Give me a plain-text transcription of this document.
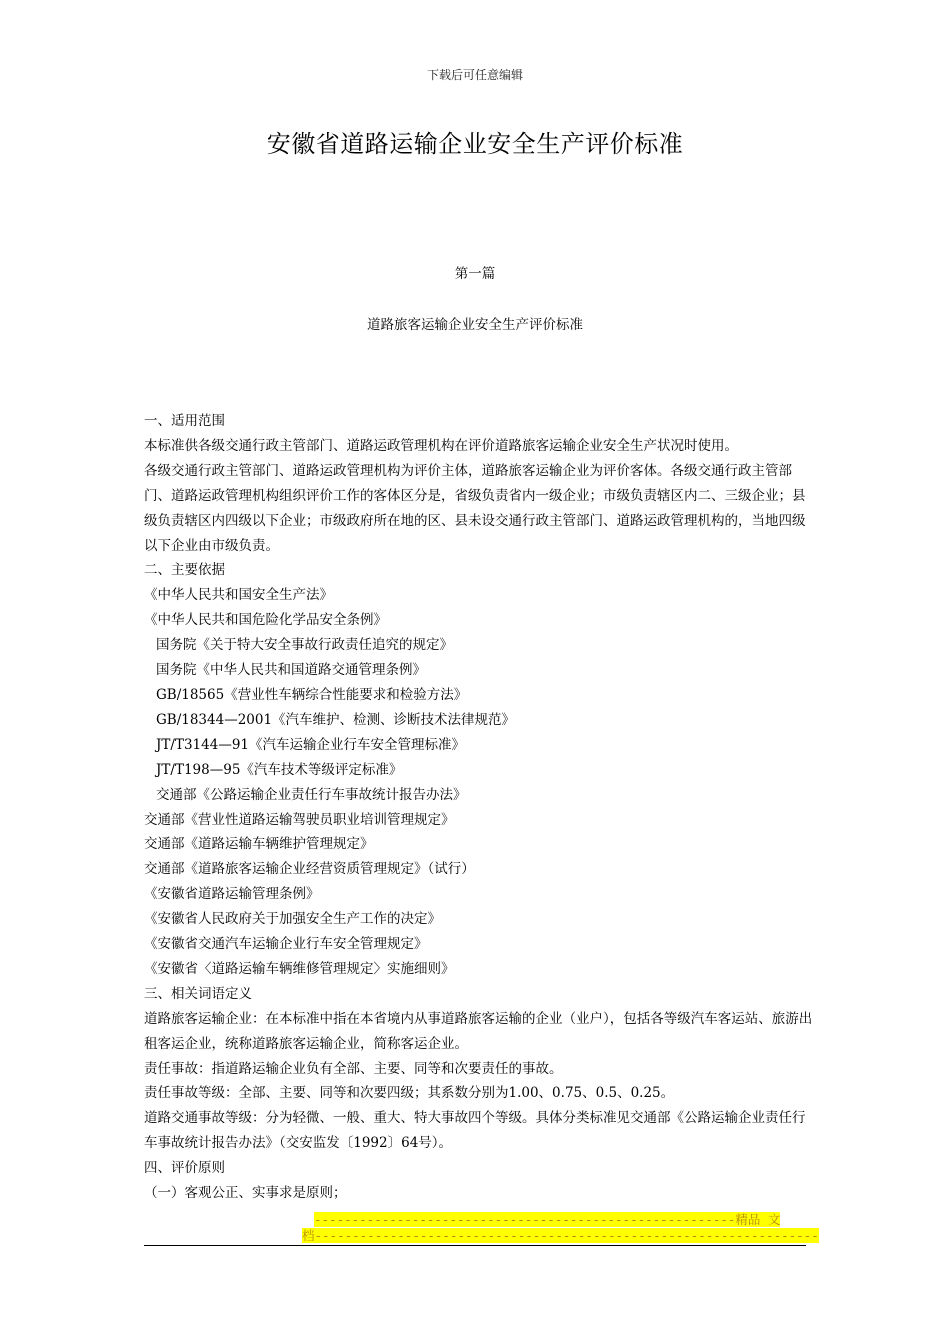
下载后可任意编辑
安徽省道路运输企业安全生产评价标准
第一篇
道路旅客运输企业安全生产评价标准

一、适用范围

本标准供各级交通行政主管部门、道路运政管理机构在评价道路旅客运输企业安全生产状况时使用。

各级交通行政主管部门、道路运政管理机构为评价主体，道路旅客运输企业为评价客体。各级交通行政主管部门、道路运政管理机构组织评价工作的客体区分是，省级负责省内一级企业；市级负责辖区内二、三级企业；县级负责辖区内四级以下企业；市级政府所在地的区、县未设交通行政主管部门、道路运政管理机构的，当地四级以下企业由市级负责。

二、主要依据

《中华人民共和国安全生产法》

《中华人民共和国危险化学品安全条例》

国务院《关于特大安全事故行政责任追究的规定》

国务院《中华人民共和国道路交通管理条例》

GB/18565《营业性车辆综合性能要求和检验方法》

GB/18344—2001《汽车维护、检测、诊断技术法律规范》

JT/T3144—91《汽车运输企业行车安全管理标准》

JT/T198—95《汽车技术等级评定标准》

交通部《公路运输企业责任行车事故统计报告办法》

交通部《营业性道路运输驾驶员职业培训管理规定》

交通部《道路运输车辆维护管理规定》

交通部《道路旅客运输企业经营资质管理规定》（试行）

《安徽省道路运输管理条例》

《安徽省人民政府关于加强安全生产工作的决定》

《安徽省交通汽车运输企业行车安全管理规定》

《安徽省〈道路运输车辆维修管理规定〉实施细则》

三、相关词语定义

道路旅客运输企业：在本标准中指在本省境内从事道路旅客运输的企业（业户），包括各等级汽车客运站、旅游出租客运企业，统称道路旅客运输企业，简称客运企业。

责任事故：指道路运输企业负有全部、主要、同等和次要责任的事故。

责任事故等级：全部、主要、同等和次要四级；其系数分别为1.00、0.75、0.5、0.25。

道路交通事故等级：分为轻微、一般、重大、特大事故四个等级。具体分类标准见交通部《公路运输企业责任行车事故统计报告办法》（交安监发〔1992〕64号）。

四、评价原则

（一）客观公正、实事求是原则；

--------------------------------------------------------精品 文
档-------------------------------------------------------------------
